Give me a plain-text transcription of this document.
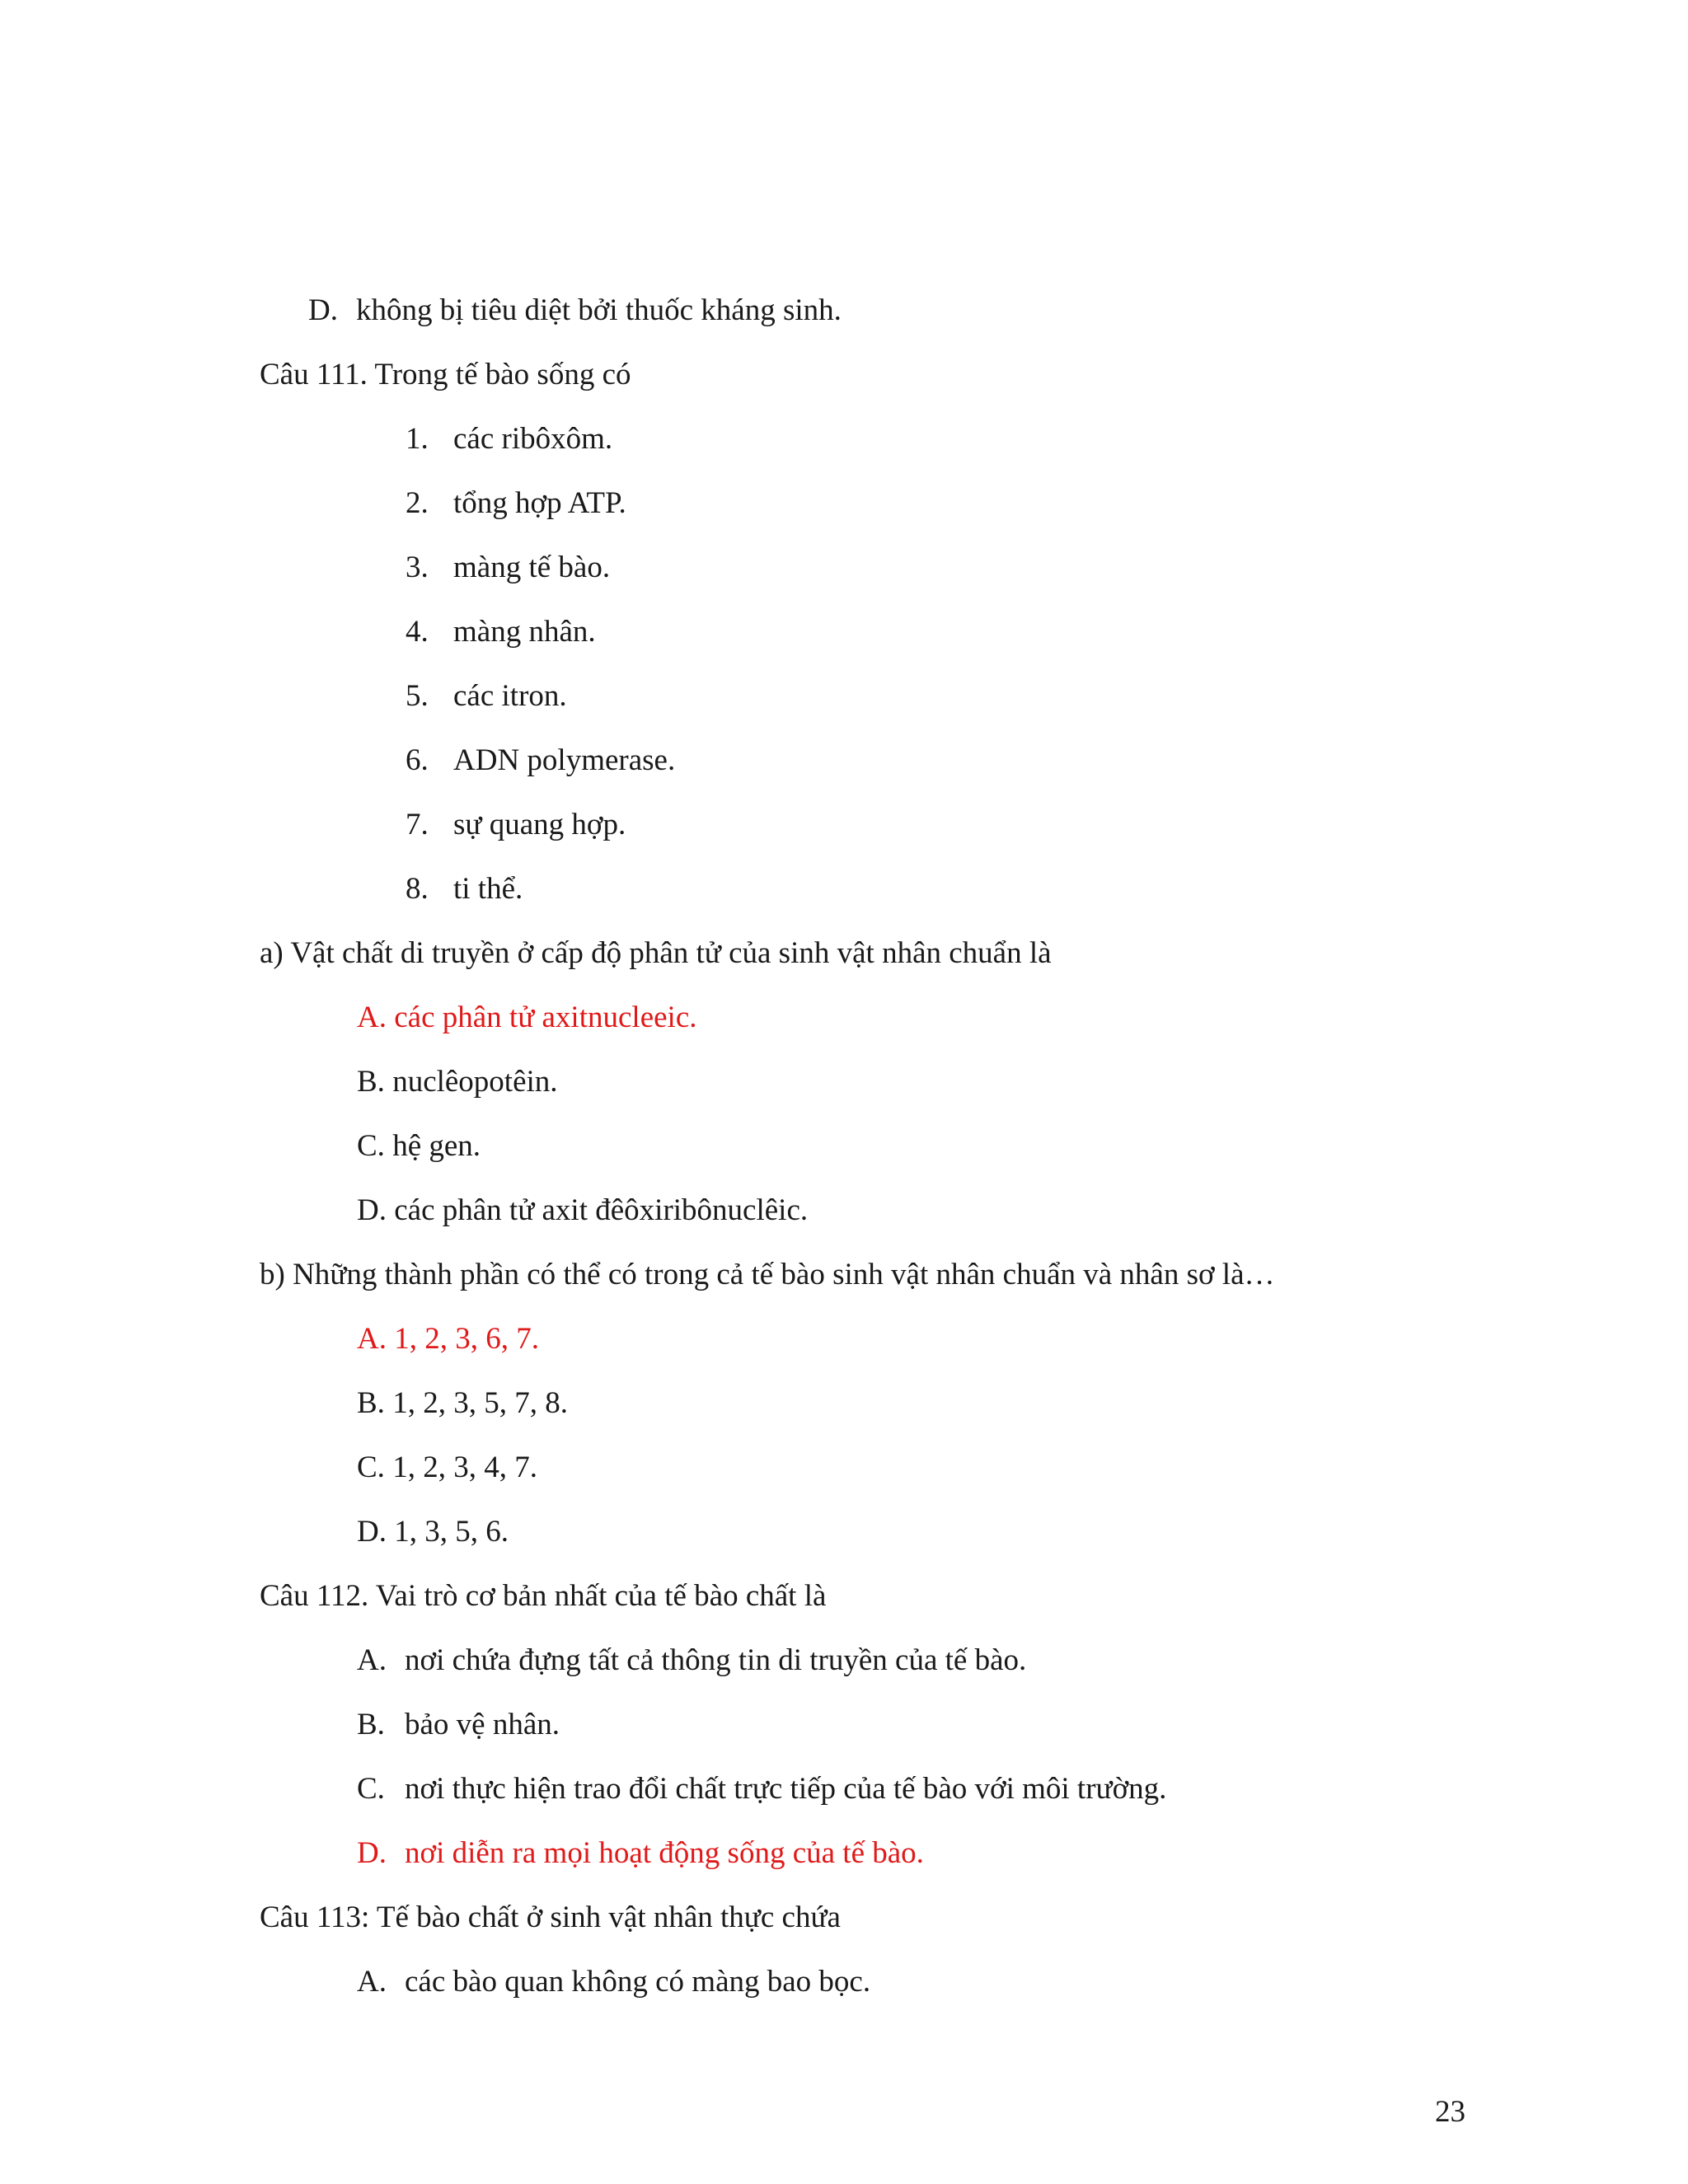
D. không bị tiêu diệt bởi thuốc kháng sinh.
Câu 111. Trong tế bào sống có
1. các ribôxôm.
2. tổng hợp ATP.
3. màng tế bào.
4. màng nhân.
5. các itron.
6. ADN polymerase.
7. sự quang hợp.
8. ti thể.
a) Vật chất di truyền ở cấp độ phân tử của sinh vật nhân chuẩn là
A. các phân tử axitnucleeic.
B. nuclêopotêin.
C. hệ gen.
D. các phân tử axit đêôxiribônuclêic.
b) Những thành phần có thể có trong cả tế bào sinh vật nhân chuẩn và nhân sơ là…
A. 1, 2, 3, 6, 7.
B. 1, 2, 3, 5, 7, 8.
C. 1, 2, 3, 4, 7.
D. 1, 3, 5, 6.
Câu 112. Vai trò cơ bản nhất của tế bào chất là
A. nơi chứa đựng tất cả thông tin di truyền của tế bào.
B. bảo vệ nhân.
C. nơi thực hiện trao đổi chất trực tiếp của tế bào với môi trường.
D. nơi diễn ra mọi hoạt động sống của tế bào.
Câu 113: Tế bào chất ở sinh vật nhân thực chứa
A. các bào quan không có màng bao bọc.
23
